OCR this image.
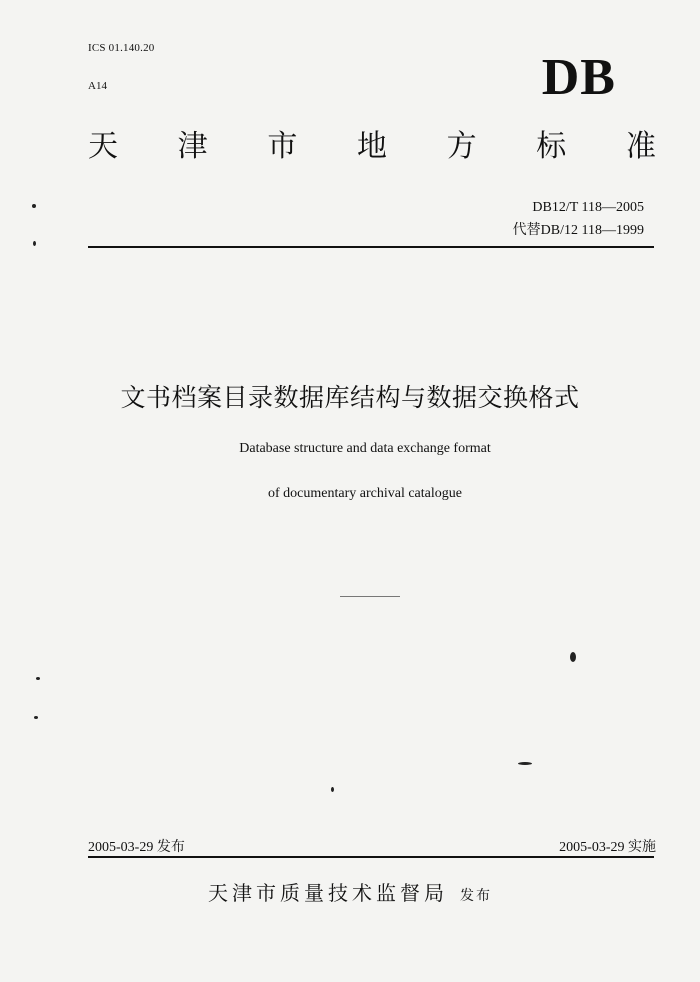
ICS 01.140.20
A14	DB
天 津 市 地 方 标 准
DB12/T 118—2005
代替DB/12 118—1999
文书档案目录数据库结构与数据交换格式
Database structure and data exchange format
of documentary archival catalogue
2005-03-29 发布	2005-03-29 实施
天津市质量技术监督局 发布
